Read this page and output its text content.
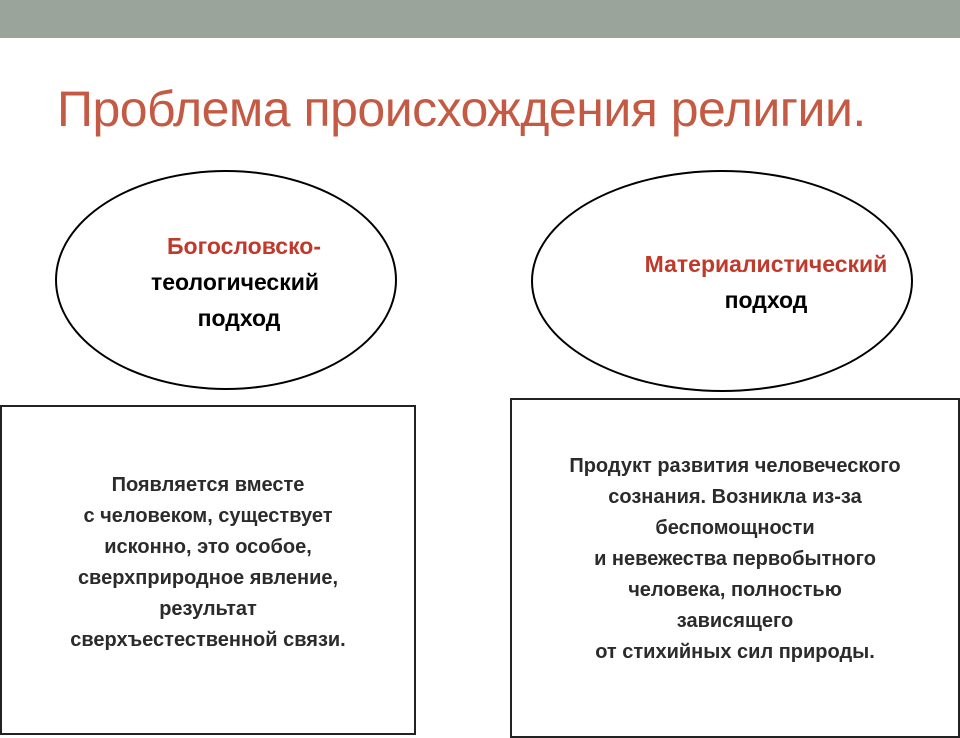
Проблема происхождения религии.
Богословско-
теологический
подход
Материалистический
подход
Появляется вместе
с человеком, существует
исконно, это особое,
сверхприродное явление,
результат
сверхъестественной связи.
Продукт развития человеческого
сознания. Возникла из-за
беспомощности
и невежества первобытного
человека, полностью
зависящего
от стихийных сил природы.
